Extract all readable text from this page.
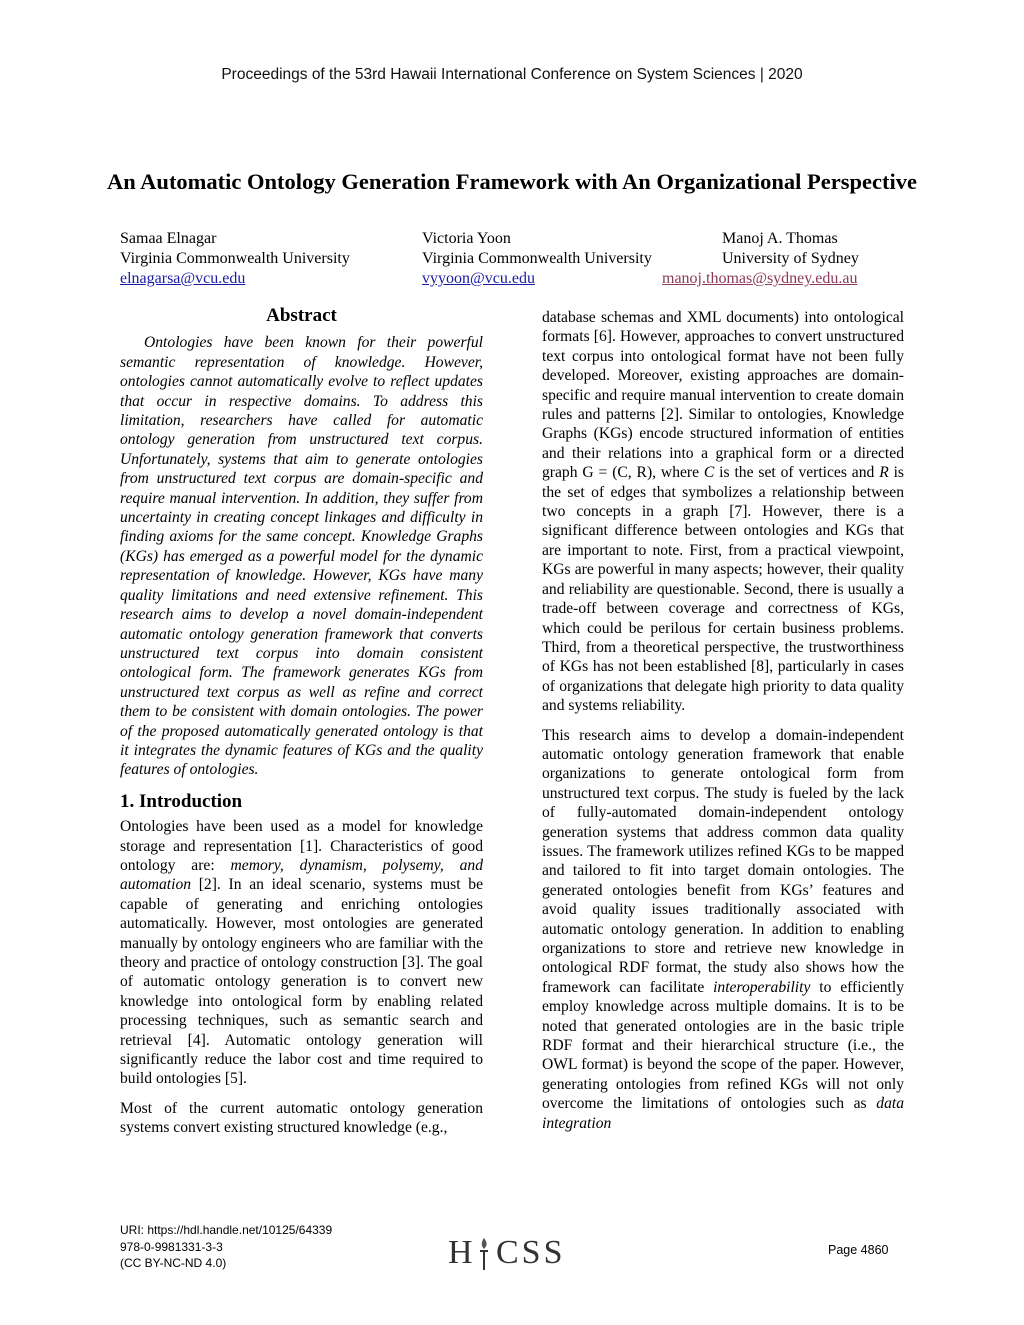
Proceedings of the 53rd Hawaii International Conference on System Sciences | 2020
An Automatic Ontology Generation Framework with An Organizational Perspective
Samaa Elnagar
Virginia Commonwealth University
elnagarsa@vcu.edu
Victoria Yoon
Virginia Commonwealth University
vyyoon@vcu.edu
Manoj A. Thomas
University of Sydney
manoj.thomas@sydney.edu.au
Abstract

Ontologies have been known for their powerful semantic representation of knowledge. However, ontologies cannot automatically evolve to reflect updates that occur in respective domains. To address this limitation, researchers have called for automatic ontology generation from unstructured text corpus. Unfortunately, systems that aim to generate ontologies from unstructured text corpus are domain-specific and require manual intervention. In addition, they suffer from uncertainty in creating concept linkages and difficulty in finding axioms for the same concept. Knowledge Graphs (KGs) has emerged as a powerful model for the dynamic representation of knowledge. However, KGs have many quality limitations and need extensive refinement. This research aims to develop a novel domain-independent automatic ontology generation framework that converts unstructured text corpus into domain consistent ontological form. The framework generates KGs from unstructured text corpus as well as refine and correct them to be consistent with domain ontologies. The power of the proposed automatically generated ontology is that it integrates the dynamic features of KGs and the quality features of ontologies.

1. Introduction

Ontologies have been used as a model for knowledge storage and representation [1]. Characteristics of good ontology are: memory, dynamism, polysemy, and automation [2]. In an ideal scenario, systems must be capable of generating and enriching ontologies automatically. However, most ontologies are generated manually by ontology engineers who are familiar with the theory and practice of ontology construction [3]. The goal of automatic ontology generation is to convert new knowledge into ontological form by enabling related processing techniques, such as semantic search and retrieval [4]. Automatic ontology generation will significantly reduce the labor cost and time required to build ontologies [5].

Most of the current automatic ontology generation systems convert existing structured knowledge (e.g.,

database schemas and XML documents) into ontological formats [6]. However, approaches to convert unstructured text corpus into ontological format have not been fully developed. Moreover, existing approaches are domain-specific and require manual intervention to create domain rules and patterns [2]. Similar to ontologies, Knowledge Graphs (KGs) encode structured information of entities and their relations into a graphical form or a directed graph G = (C, R), where C is the set of vertices and R is the set of edges that symbolizes a relationship between two concepts in a graph [7]. However, there is a significant difference between ontologies and KGs that are important to note. First, from a practical viewpoint, KGs are powerful in many aspects; however, their quality and reliability are questionable. Second, there is usually a trade-off between coverage and correctness of KGs, which could be perilous for certain business problems. Third, from a theoretical perspective, the trustworthiness of KGs has not been established [8], particularly in cases of organizations that delegate high priority to data quality and systems reliability.

This research aims to develop a domain-independent automatic ontology generation framework that enable organizations to generate ontological form from unstructured text corpus. The study is fueled by the lack of fully-automated domain-independent ontology generation systems that address common data quality issues. The framework utilizes refined KGs to be mapped and tailored to fit into target domain ontologies. The generated ontologies benefit from KGs’ features and avoid quality issues traditionally associated with automatic ontology generation. In addition to enabling organizations to store and retrieve new knowledge in ontological RDF format, the study also shows how the framework can facilitate interoperability to efficiently employ knowledge across multiple domains. It is to be noted that generated ontologies are in the basic triple RDF format and their hierarchical structure (i.e., the OWL format) is beyond the scope of the paper. However, generating ontologies from refined KGs will not only overcome the limitations of ontologies such as data integration

URI: https://hdl.handle.net/10125/64339
978-0-9981331-3-3
(CC BY-NC-ND 4.0)	H CSS	Page 4860
